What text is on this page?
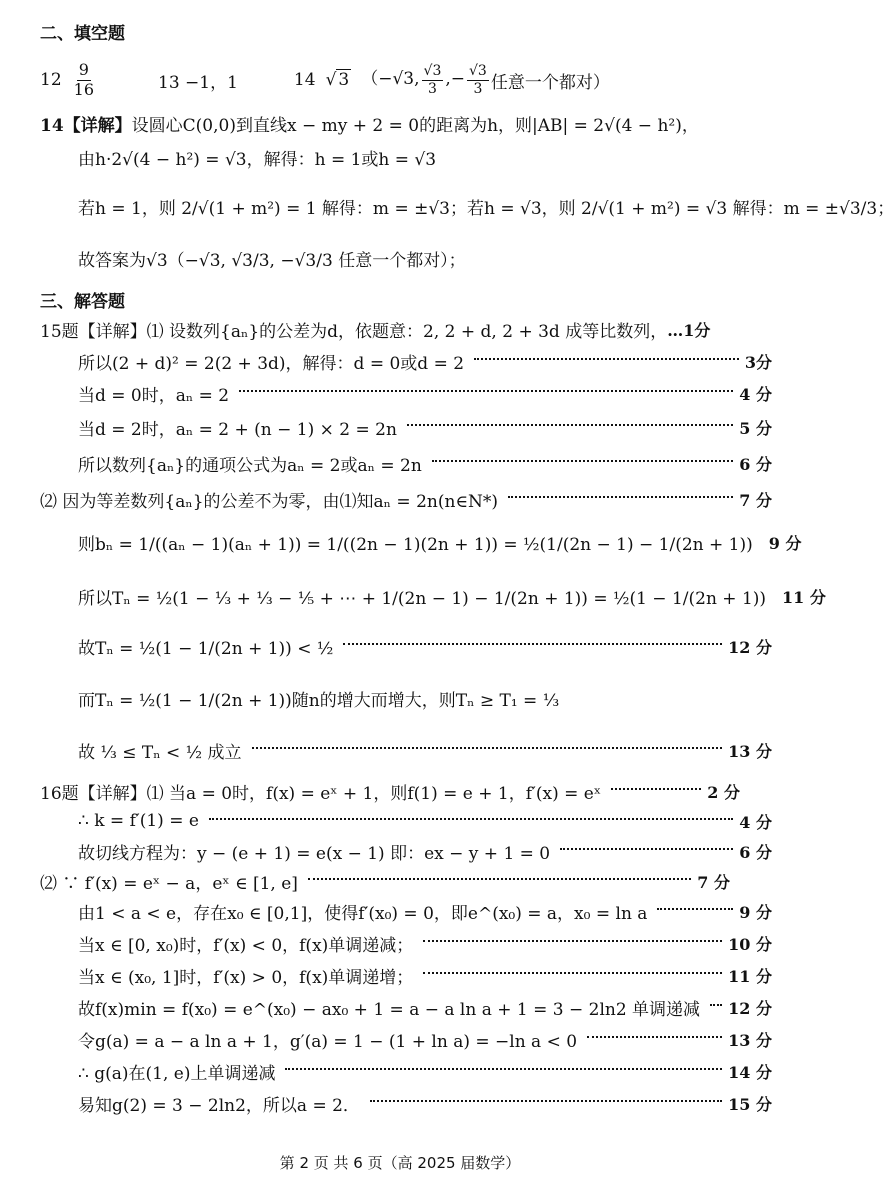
二、填空题
$12 \frac{9}{16}$	13 −1，1	14 √ 3 （−√3, $\frac{√3}{3}$ ,− $\frac{√3}{3}$ 任意一个都对）
14【详解】 设圆心C(0,0)到直线x − my + 2 = 0的距离为h，则|AB| = 2√(4 − h²)，
由h·2√(4 − h²) = √3，解得：h = 1或h = √3
若h = 1，则 2/√(1 + m²) = 1 解得：m = ±√3；若h = √3，则 2/√(1 + m²) = √3 解得：m = ±√3/3；
故答案为√3（−√3, √3/3, −√3/3 任意一个都对）；
三、解答题
15题【详解】⑴ 设数列{aₙ}的公差为d，依题意：2, 2 + d, 2 + 3d 成等比数列， …1分
所以(2 + d)² = 2(2 + 3d)，解得：d = 0或d = 2	3分
当d = 0时，aₙ = 2	4 分
当d = 2时，aₙ = 2 + (n − 1) × 2 = 2n	5 分
所以数列{aₙ}的通项公式为aₙ = 2或aₙ = 2n	6 分
⑵ 因为等差数列{aₙ}的公差不为零，由⑴知aₙ = 2n(n∈N*)	7 分
则bₙ = 1/((aₙ − 1)(aₙ + 1)) = 1/((2n − 1)(2n + 1)) = ½(1/(2n − 1) − 1/(2n + 1)) 9 分
所以Tₙ = ½(1 − ⅓ + ⅓ − ⅕ + ⋯ + 1/(2n − 1) − 1/(2n + 1)) = ½(1 − 1/(2n + 1)) 11 分
故Tₙ = ½(1 − 1/(2n + 1)) < ½	12 分
而Tₙ = ½(1 − 1/(2n + 1))随n的增大而增大，则Tₙ ≥ T₁ = ⅓
故 ⅓ ≤ Tₙ < ½ 成立	13 分
16题【详解】⑴ 当a = 0时，f(x) = eˣ + 1，则f(1) = e + 1，f′(x) = eˣ	2 分
∴ k = f′(1) = e	4 分
故切线方程为：y − (e + 1) = e(x − 1) 即：ex − y + 1 = 0	6 分
⑵ ∵ f′(x) = eˣ − a，eˣ ∈ [1, e]	7 分
由1 < a < e，存在x₀ ∈ [0,1]，使得f′(x₀) = 0，即e^(x₀) = a，x₀ = ln a	9 分
当x ∈ [0, x₀)时，f′(x) < 0，f(x)单调递减；	10 分
当x ∈ (x₀, 1]时，f′(x) > 0，f(x)单调递增；	11 分
故f(x)min = f(x₀) = e^(x₀) − ax₀ + 1 = a − a ln a + 1 = 3 − 2ln2 单调递减 12 分
令g(a) = a − a ln a + 1，g′(a) = 1 − (1 + ln a) = −ln a < 0	13 分
∴ g(a)在(1, e)上单调递减	14 分
易知g(2) = 3 − 2ln2，所以a = 2．	15 分
第 2 页 共 6 页（高 2025 届数学）
